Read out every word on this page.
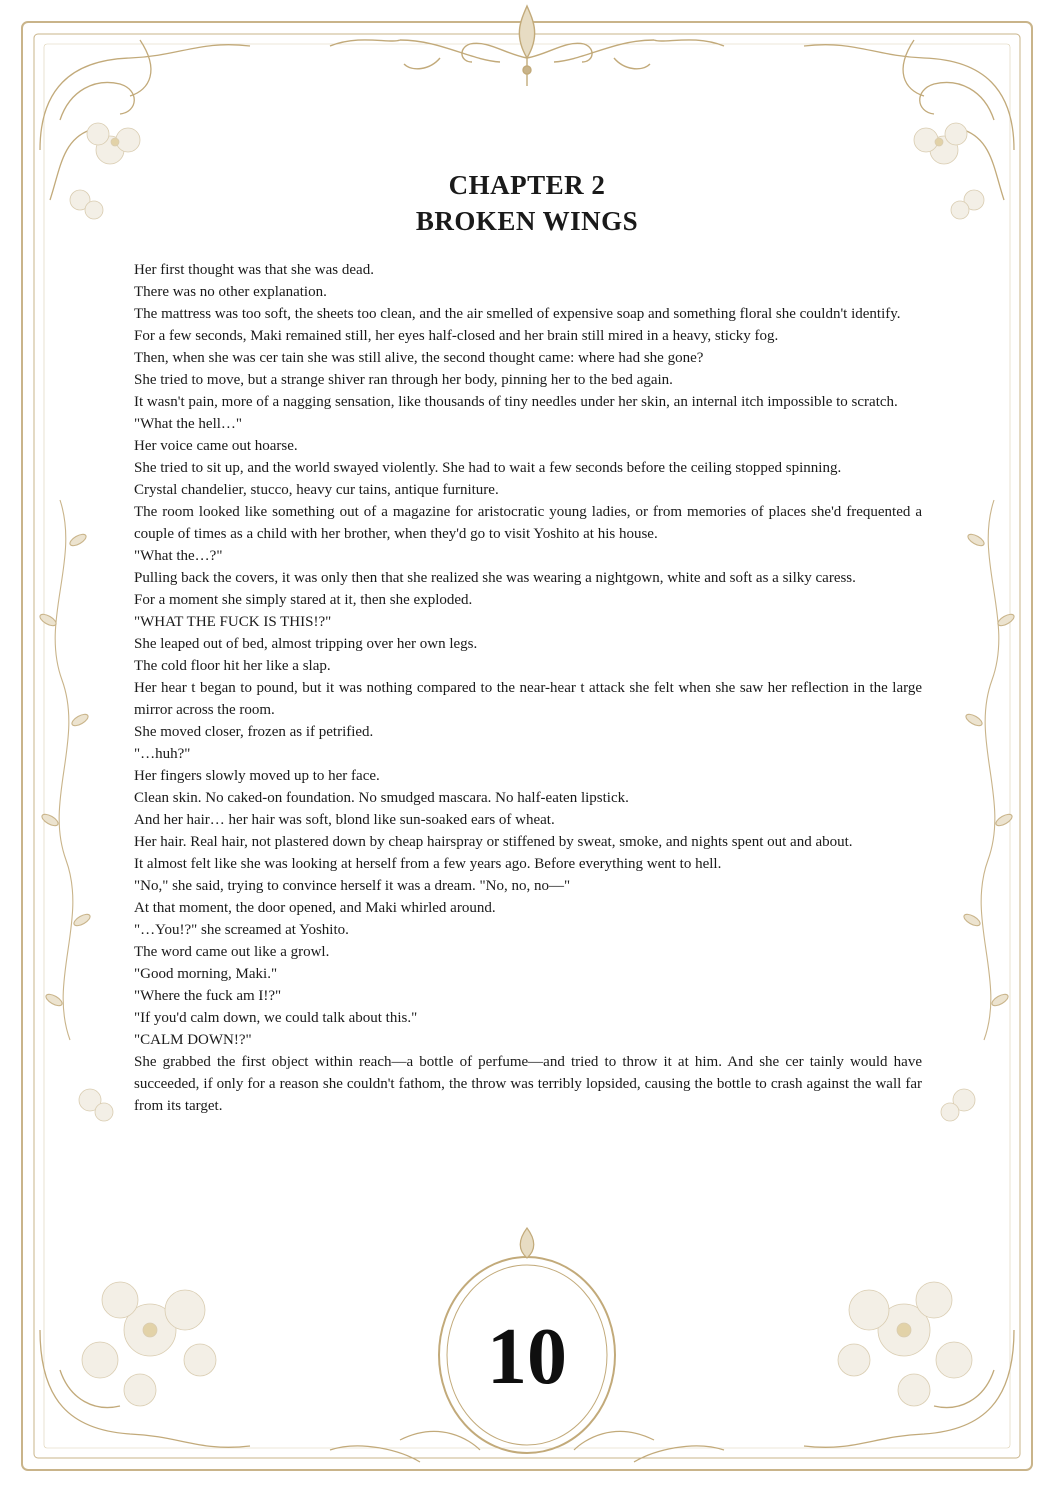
CHAPTER 2
BROKEN WINGS

Her first thought was that she was dead.

There was no other explanation.

The mattress was too soft, the sheets too clean, and the air smelled of expensive soap and something floral she couldn't identify.

For a few seconds, Maki remained still, her eyes half-closed and her brain still mired in a heavy, sticky fog.

Then, when she was cer tain she was still alive, the second thought came: where had she gone?

She tried to move, but a strange shiver ran through her body, pinning her to the bed again.

It wasn't pain, more of a nagging sensation, like thousands of tiny needles under her skin, an internal itch impossible to scratch.

"What the hell…"

Her voice came out hoarse.

She tried to sit up, and the world swayed violently. She had to wait a few seconds before the ceiling stopped spinning.

Crystal chandelier, stucco, heavy cur tains, antique furniture.

The room looked like something out of a magazine for aristocratic young ladies, or from memories of places she'd frequented a couple of times as a child with her brother, when they'd go to visit Yoshito at his house.

"What the…?"

Pulling back the covers, it was only then that she realized she was wearing a nightgown, white and soft as a silky caress.

For a moment she simply stared at it, then she exploded.

"WHAT THE FUCK IS THIS!?"

She leaped out of bed, almost tripping over her own legs.

The cold floor hit her like a slap.

Her hear t began to pound, but it was nothing compared to the near-hear t attack she felt when she saw her reflection in the large mirror across the room.

She moved closer, frozen as if petrified.

"…huh?"

Her fingers slowly moved up to her face.

Clean skin. No caked-on foundation. No smudged mascara. No half-eaten lipstick.

And her hair… her hair was soft, blond like sun-soaked ears of wheat.

Her hair. Real hair, not plastered down by cheap hairspray or stiffened by sweat, smoke, and nights spent out and about.

It almost felt like she was looking at herself from a few years ago. Before everything went to hell.

"No," she said, trying to convince herself it was a dream. "No, no, no—"

At that moment, the door opened, and Maki whirled around.

"…You!?" she screamed at Yoshito.

The word came out like a growl.

"Good morning, Maki."

"Where the fuck am I!?"

"If you'd calm down, we could talk about this."

"CALM DOWN!?"

She grabbed the first object within reach—a bottle of perfume—and tried to throw it at him. And she cer tainly would have succeeded, if only for a reason she couldn't fathom, the throw was terribly lopsided, causing the bottle to crash against the wall far from its target.

10
